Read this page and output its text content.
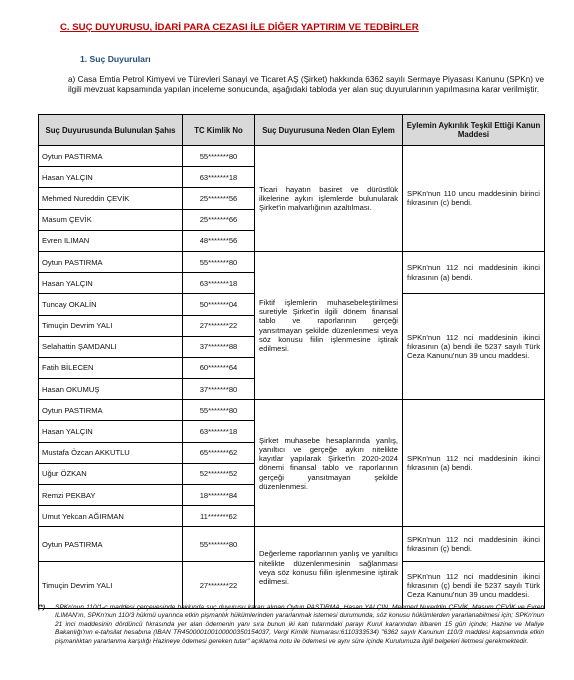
C. SUÇ DUYURUSU, İDARİ PARA CEZASI İLE DİĞER YAPTIRIM VE TEDBİRLER
1. Suç Duyuruları
a) Casa Emtia Petrol Kimyevi ve Türevleri Sanayi ve Ticaret AŞ (Şirket) hakkında 6362 sayılı Sermaye Piyasası Kanunu (SPKn) ve ilgili mevzuat kapsamında yapılan inceleme sonucunda, aşağıdaki tabloda yer alan suç duyurularının yapılmasına karar verilmiştir.
Suç Duyurusunda Bulunulan Şahıs	TC Kimlik No	Suç Duyurusuna Neden Olan Eylem	Eylemin Aykırılık Teşkil Ettiği Kanun Maddesi
Oytun PASTIRMA	55*******80	Ticari hayatın basiret ve dürüstlük ilkelerine aykırı işlemlerde bulunularak Şirket'in malvarlığının azaltılması.	SPKn'nun 110 uncu maddesinin birinci fıkrasının (c) bendi.
Hasan YALÇIN	63*******18		
Mehmed Nureddin ÇEVİK	25*******56		
Masum ÇEVİK	25*******66		
Evren ILIMAN	48*******56		
Oytun PASTIRMA	55*******80	Fiktif işlemlerin muhasebeleştirilmesi suretiyle Şirket'in ilgili dönem finansal tablo ve raporlarının gerçeği yansıtmayan şekilde düzenlenmesi veya söz konusu fiilin işlenmesine iştirak edilmesi.	SPKn'nun 112 nci maddesinin ikinci fıkrasının (a) bendi.
Hasan YALÇIN	63*******18		
Tuncay OKALİN	50*******04		SPKn'nun 112 nci maddesinin ikinci fıkrasının (a) bendi ile 5237 sayılı Türk Ceza Kanunu'nun 39 uncu maddesi.
Timuçin Devrim YALI	27*******22		
Selahattin ŞAMDANLI	37*******88		
Fatih BİLECEN	60*******64		
Hasan OKUMUŞ	37*******80		
Oytun PASTIRMA	55*******80	Şirket muhasebe hesaplarında yanlış, yanıltıcı ve gerçeğe aykırı nitelikte kayıtlar yapılarak Şirket'in 2020-2024 dönemi finansal tablo ve raporlarının gerçeği yansıtmayan şekilde düzenlenmesi.	SPKn'nun 112 nci maddesinin ikinci fıkrasının (a) bendi.
Hasan YALÇIN	63*******18		
Mustafa Özcan AKKUTLU	65*******62		
Uğur ÖZKAN	52*******52		
Remzi PEKBAY	18*******84		
Umut Yekcan AĞIRMAN	11*******62		
Oytun PASTIRMA	55*******80	Değerleme raporlarının yanlış ve yanıltıcı nitelikte düzenlenmesinin sağlanması veya söz konusu fiilin işlenmesine iştirak edilmesi.	SPKn'nun 112 nci maddesinin ikinci fıkrasının (ç) bendi.
Timuçin Devrim YALI	27*******22		SPKn'nun 112 nci maddesinin ikinci fıkrasının (ç) bendi ile 5237 sayılı Türk Ceza Kanunu'nun 39 uncu maddesi.
(*)	SPKn'nun 110/1-c maddesi çerçevesinde hakkında suç duyurusu kararı alınan Oytun PASTIRMA, Hasan YALÇIN, Mehmed Nureddin ÇEVİK, Masum ÇEVİK ve Evren ILIMAN'ın, SPKn'nun 110/3 hükmü uyarınca etkin pişmanlık hükümlerinden yararlanmak istemesi durumunda, söz konusu hükümlerden yararlanabilmesi için; SPKn'nun 21 inci maddesinin dördüncü fıkrasında yer alan ödemenin yanı sıra bunun iki katı tutarındaki parayı Kurul kararından itibaren 15 gün içinde; Hazine ve Maliye Bakanlığı'nın e-tahsilat hesabına (IBAN TR450000100100000350154037, Vergi Kimlik Numarası:6110333534) "6362 sayılı Kanunun 110/3 maddesi kapsamında etkin pişmanlıktan yararlanma karşılığı Hazineye ödemesi gereken tutar" açıklama notu ile ödemesi ve aynı süre içinde Kurulumuza ilgili belgeleri iletmesi gerekmektedir.
